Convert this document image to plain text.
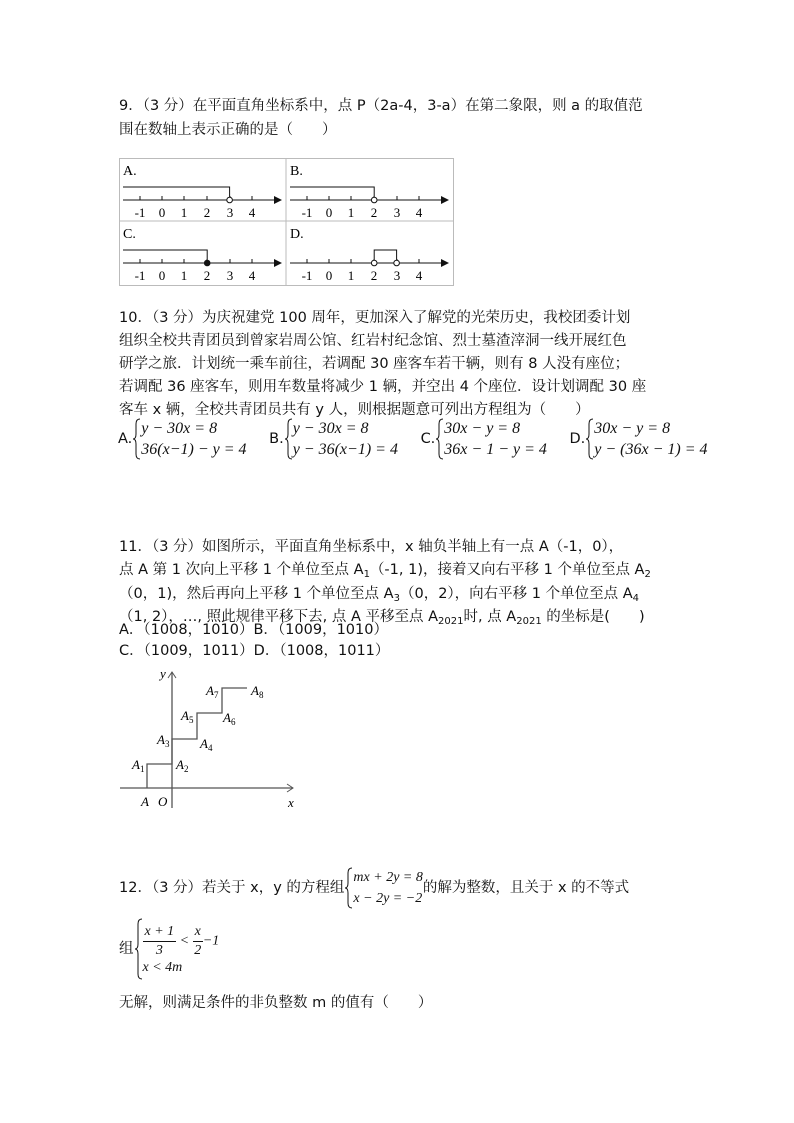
9．（3 分）在平面直角坐标系中，点 P（2a-4，3-a）在第二象限，则 a 的取值范
围在数轴上表示正确的是（　　）
A.
-1 0 1 2 3 4
B.
-1 0 1 2 3 4
C.
-1 0 1 2 3 4
D.
-1 0 1 2 3 4
10．（3 分）为庆祝建党 100 周年，更加深入了解党的光荣历史，我校团委计划
组织全校共青团员到曾家岩周公馆、红岩村纪念馆、烈士墓渣滓洞一线开展红色
研学之旅．计划统一乘车前往，若调配 30 座客车若干辆，则有 8 人没有座位；
若调配 36 座客车，则用车数量将减少 1 辆，并空出 4 个座位．设计划调配 30 座
客车 x 辆，全校共青团员共有 y 人，则根据题意可列出方程组为（　　）
A.
y − 30x = 8
36(x−1) − y = 4

B.
y − 30x = 8
y − 36(x−1) = 4

C.
30x − y = 8
36x − 1 − y = 4

D.
30x − y = 8
y − (36x − 1) = 4
11．（3 分）如图所示，平面直角坐标系中，x 轴负半轴上有一点 A（-1，0），
点 A 第 1 次向上平移 1 个单位至点 $A_1(-1$, 1)，接着又向右平移 1 个单位至点 $A_2$
（0，1)，然后再向上平移 1 个单位至点 $A_3(0$，2），向右平移 1 个单位至点 $A_4$
（1, 2），…, 照此规律平移下去, 点 A 平移至点 $A_{2021}$时, 点 $A_{2021}$ 的坐标是(　　)
A．（1008，1010）B．（1009，1010）
C．（1009，1011）D．（1008，1011）
x
y
O
A
$A_1$ $A_2$
$A_3$ $A_4$
$A_5$ $A_6$
$A_7$	$A_8$
12．（3 分）若关于 x，y 的方程组
mx + 2y = 8
x − 2y = −2
的解为整数，且关于 x 的不等式
组 $\frac{x + 1}{3} < \frac{x}{2} -1$
x < 4m
无解，则满足条件的非负整数 m 的值有（　　）
